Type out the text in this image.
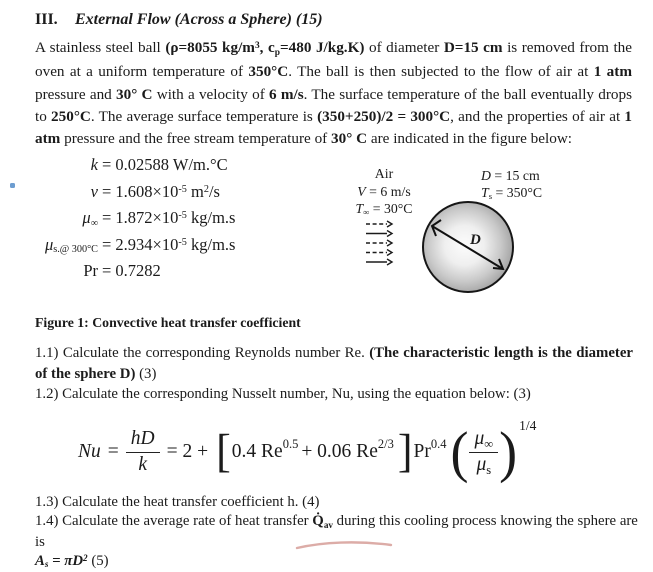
III. External Flow (Across a Sphere) (15)
A stainless steel ball (ρ=8055 $kg/m^3$, cp=480 J/kg.K) of diameter D=15 cm is removed from the oven at a uniform temperature of 350°C. The ball is then subjected to the flow of air at 1 atm pressure and 30° C with a velocity of 6 m/s. The surface temperature of the ball eventually drops to 250°C. The average surface temperature is (350+250)/2 = 300°C, and the properties of air at 1 atm pressure and the free stream temperature of 30° C are indicated in the figure below:
k = 0.02588 W/m.°C
$\nu = 1.608\times 10^{-5}$ $m^2/s$
$\mu\infty = 1.872\times 10^{-5}$ kg/m.s
μs.@ $300^\circ C = 2.934\times 10^{-5}$ kg/m.s
Pr = 0.7282
Air
V = 6 m/s
T∞ = 30°C
D
D = 15 cm
Ts = 350°C
Figure 1: Convective heat transfer coefficient
1.1) Calculate the corresponding Reynolds number Re. (The characteristic length is the diameter of the sphere D) (3)
1.2) Calculate the corresponding Nusselt number, Nu, using the equation below: (3)
$Nu = \frac{hD}{k} = 2$ + [ 0.4 Re 0.5 + 0.06 Re 2/3 ] Pr 0.4 ( $\frac{\mu_\infty}{\mu_s}$ ) 1/4
1.3) Calculate the heat transfer coefficient h. (4)
1.4) Calculate the average rate of heat transfer Q̇av during this cooling process knowing the sphere are is
$As = \pi D^2$ (5)
